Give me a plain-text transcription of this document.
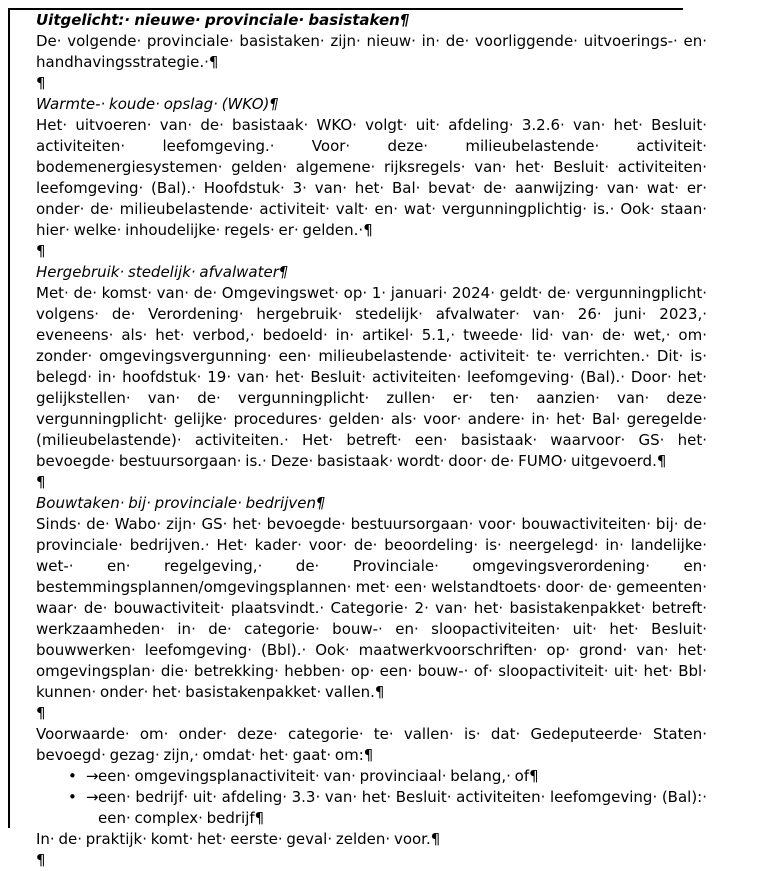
Uitgelicht:· nieuwe· provinciale· basistaken¶
De· volgende· provinciale· basistaken· zijn· nieuw· in· de· voorliggende· uitvoerings-· en· handhavingsstrategie.·¶
¶
Warmte-· koude· opslag· (WKO)¶
Het· uitvoeren· van· de· basistaak· WKO· volgt· uit· afdeling· 3.2.6· van· het· Besluit· activiteiten· leefomgeving.· Voor· deze· milieubelastende· activiteit· bodemenergiesystemen· gelden· algemene· rijksregels· van· het· Besluit· activiteiten· leefomgeving· (Bal).· Hoofdstuk· 3· van· het· Bal· bevat· de· aanwijzing· van· wat· er· onder· de· milieubelastende· activiteit· valt· en· wat· vergunningplichtig· is.· Ook· staan· hier· welke· inhoudelijke· regels· er· gelden.·¶
¶
Hergebruik· stedelijk· afvalwater¶
Met· de· komst· van· de· Omgevingswet· op· 1· januari· 2024· geldt· de· vergunningplicht· volgens· de· Verordening· hergebruik· stedelijk· afvalwater· van· 26· juni· 2023,· eveneens· als· het· verbod,· bedoeld· in· artikel· 5.1,· tweede· lid· van· de· wet,· om· zonder· omgevingsvergunning· een· milieubelastende· activiteit· te· verrichten.· Dit· is· belegd· in· hoofdstuk· 19· van· het· Besluit· activiteiten· leefomgeving· (Bal).· Door· het· gelijkstellen· van· de· vergunningplicht· zullen· er· ten· aanzien· van· deze· vergunningplicht· gelijke· procedures· gelden· als· voor· andere· in· het· Bal· geregelde· (milieubelastende)· activiteiten.· Het· betreft· een· basistaak· waarvoor· GS· het· bevoegde· bestuursorgaan· is.· Deze· basistaak· wordt· door· de· FUMO· uitgevoerd.¶
¶
Bouwtaken· bij· provinciale· bedrijven¶
Sinds· de· Wabo· zijn· GS· het· bevoegde· bestuursorgaan· voor· bouwactiviteiten· bij· de· provinciale· bedrijven.· Het· kader· voor· de· beoordeling· is· neergelegd· in· landelijke· wet-· en· regelgeving,· de· Provinciale· omgevingsverordening· en· bestemmingsplannen/omgevingsplannen· met· een· welstandtoets· door· de· gemeenten· waar· de· bouwactiviteit· plaatsvindt.· Categorie· 2· van· het· basistakenpakket· betreft· werkzaamheden· in· de· categorie· bouw-· en· sloopactiviteiten· uit· het· Besluit· bouwwerken· leefomgeving· (Bbl).· Ook· maatwerkvoorschriften· op· grond· van· het· omgevingsplan· die· betrekking· hebben· op· een· bouw-· of· sloopactiviteit· uit· het· Bbl· kunnen· onder· het· basistakenpakket· vallen.¶
¶
Voorwaarde· om· onder· deze· categorie· te· vallen· is· dat· Gedeputeerde· Staten· bevoegd· gezag· zijn,· omdat· het· gaat· om:¶
• → een· omgevingsplanactiviteit· van· provinciaal· belang,· of¶
• → een· bedrijf· uit· afdeling· 3.3· van· het· Besluit· activiteiten· leefomgeving· (Bal):· een· complex· bedrijf¶
In· de· praktijk· komt· het· eerste· geval· zelden· voor.¶
¶
